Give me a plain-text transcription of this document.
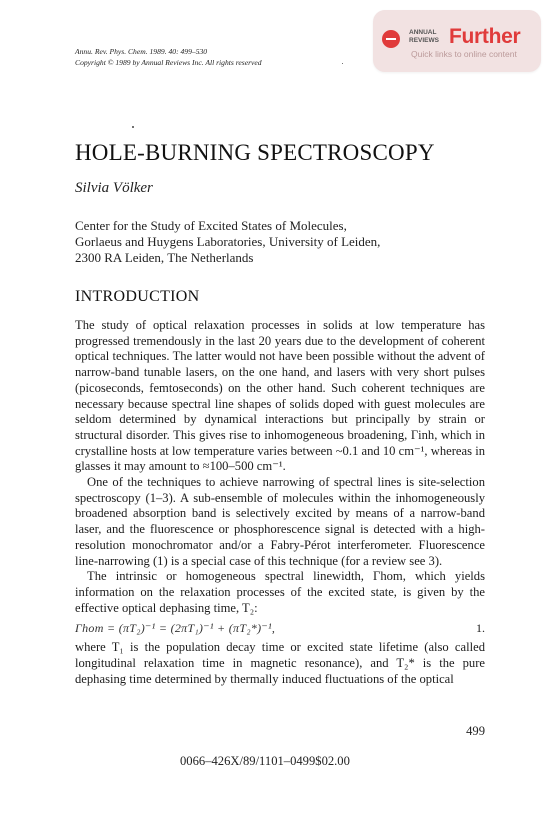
Annu. Rev. Phys. Chem. 1989. 40: 499–530
Copyright © 1989 by Annual Reviews Inc. All rights reserved
ANNUAL
REVIEWS Further
Quick links to online content
HOLE-BURNING SPECTROSCOPY
Silvia Völker
Center for the Study of Excited States of Molecules,
Gorlaeus and Huygens Laboratories, University of Leiden,
2300 RA Leiden, The Netherlands
INTRODUCTION

The study of optical relaxation processes in solids at low temperature has progressed tremendously in the last 20 years due to the development of coherent optical techniques. The latter would not have been possible without the advent of narrow-band tunable lasers, on the one hand, and lasers with very short pulses (picoseconds, femtoseconds) on the other hand. Such coherent techniques are necessary because spectral line shapes of solids doped with guest molecules are seldom determined by dynamical interactions but principally by strain or structural disorder. This gives rise to inhomogeneous broadening, Γinh, which in crystalline hosts at low temperature varies between ~0.1 and 10 cm⁻¹, whereas in glasses it may amount to ≈100–500 cm⁻¹.

One of the techniques to achieve narrowing of spectral lines is site-selection spectroscopy (1–3). A sub-ensemble of molecules within the inhomogeneously broadened absorption band is selectively excited by means of a narrow-band laser, and the fluorescence or phosphorescence signal is detected with a high-resolution monochromator and/or a Fabry-Pérot interferometer. Fluorescence line-narrowing (1) is a special case of this technique (for a review see 3).

The intrinsic or homogeneous spectral linewidth, Γhom, which yields information on the relaxation processes of the excited state, is given by the effective optical dephasing time, T₂:

Γhom = (πT₂)⁻¹ = (2πT₁)⁻¹ + (πT₂*)⁻¹,	1.

where T₁ is the population decay time or excited state lifetime (also called longitudinal relaxation time in magnetic resonance), and T₂* is the pure dephasing time determined by thermally induced fluctuations of the optical

499
0066–426X/89/1101–0499$02.00
